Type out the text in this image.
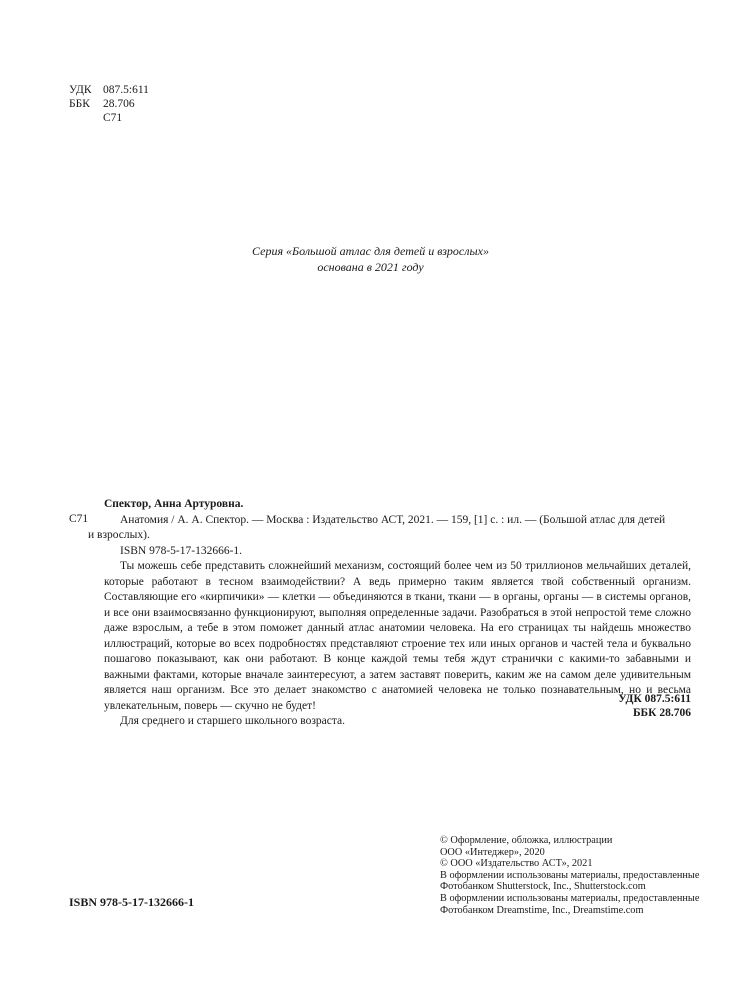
УДК 087.5:611
ББК 28.706
С71
Серия «Большой атлас для детей и взрослых»
основана в 2021 году
С71
Спектор, Анна Артуровна.

Анатомия / А. А. Спектор. — Москва : Издательство АСТ, 2021. — 159, [1] с. : ил. — (Большой атлас для детей
и взрослых).

ISBN 978-5-17-132666-1.

Ты можешь себе представить сложнейший механизм, состоящий более чем из 50 триллионов мельчайших деталей, которые работают в тесном взаимодействии? А ведь примерно таким является твой собственный организм. Составляющие его «кирпичики» — клетки — объединяются в ткани, ткани — в органы, органы — в системы органов, и все они взаимосвязанно функционируют, выполняя определенные задачи. Разобраться в этой непростой теме сложно даже взрослым, а тебе в этом поможет данный атлас анатомии человека. На его страницах ты найдешь множество иллюстраций, которые во всех подробностях представляют строение тех или иных органов и частей тела и буквально пошагово показывают, как они работают. В конце каждой темы тебя ждут странички с какими-то забавными и важными фактами, которые вначале заинтересуют, а затем заставят поверить, каким же на самом деле удивительным является наш организм. Все это делает знакомство с анатомией человека не только познавательным, но и весьма увлекательным, поверь — скучно не будет!

Для среднего и старшего школьного возраста.

УДК 087.5:611
ББК 28.706
© Оформление, обложка, иллюстрации
ООО «Интеджер», 2020
© ООО «Издательство АСТ», 2021
В оформлении использованы материалы, предоставленные
Фотобанком Shutterstock, Inc., Shutterstock.com
В оформлении использованы материалы, предоставленные
Фотобанком Dreamstime, Inc., Dreamstime.com
ISBN 978-5-17-132666-1
